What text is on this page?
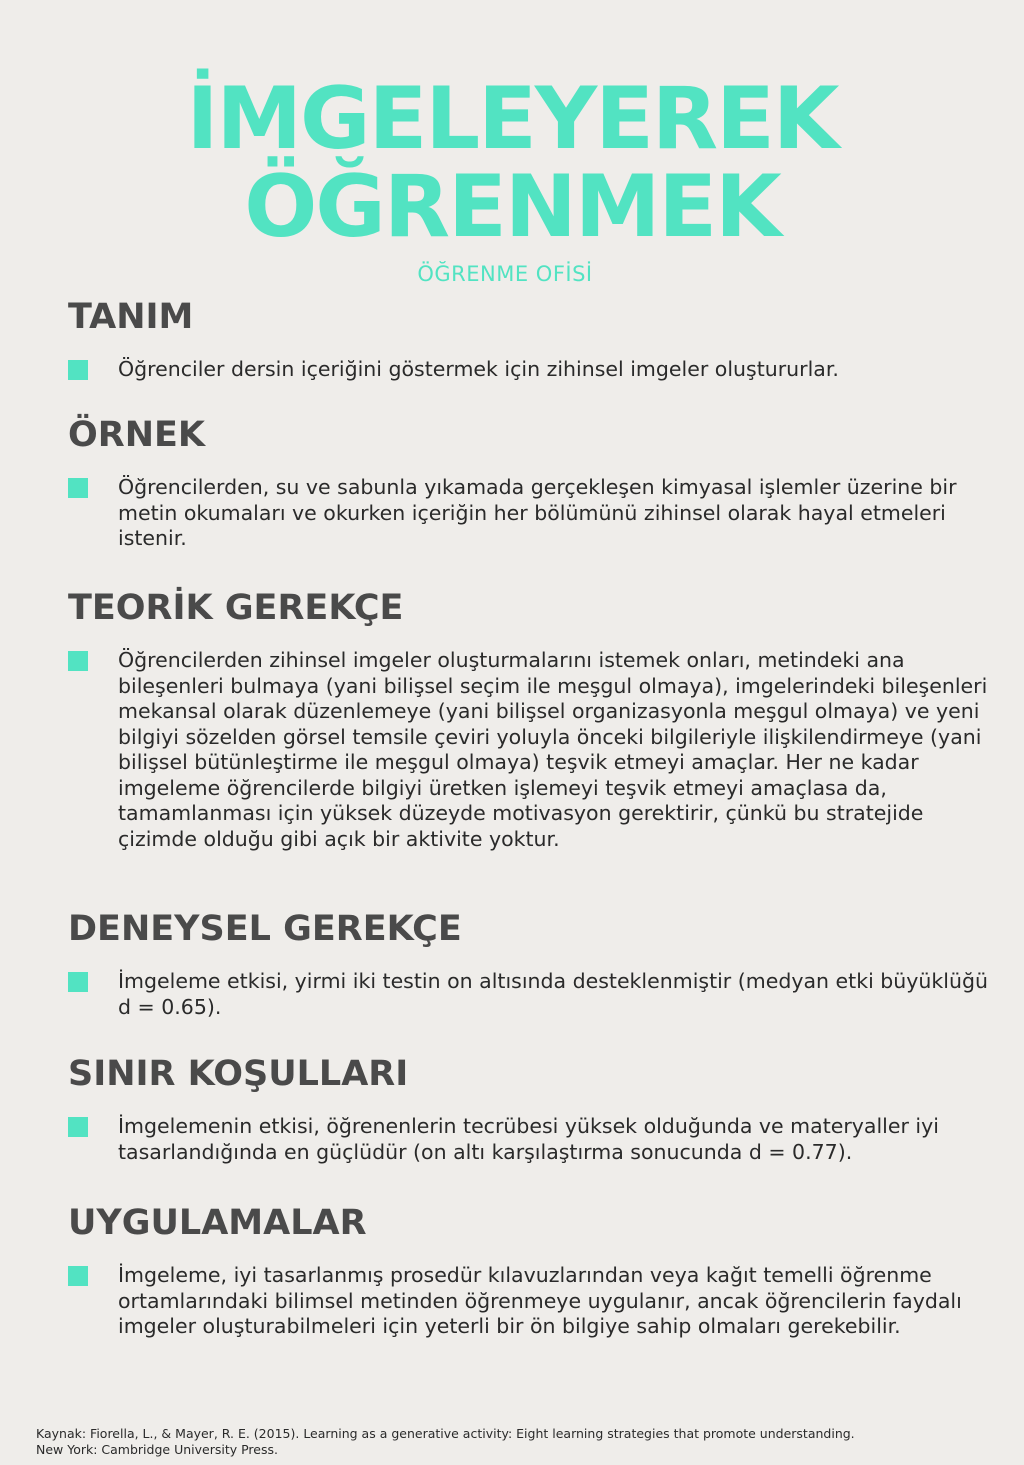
İMGELEYEREK
ÖĞRENMEK
ÖĞRENME OFİSİ
TANIM

Öğrenciler dersin içeriğini göstermek için zihinsel imgeler oluştururlar.

ÖRNEK

Öğrencilerden, su ve sabunla yıkamada gerçekleşen kimyasal işlemler üzerine bir metin okumaları ve okurken içeriğin her bölümünü zihinsel olarak hayal etmeleri istenir.

TEORİK GEREKÇE

Öğrencilerden zihinsel imgeler oluşturmalarını istemek onları, metindeki ana bileşenleri bulmaya (yani bilişsel seçim ile meşgul olmaya), imgelerindeki bileşenleri mekansal olarak düzenlemeye (yani bilişsel organizasyonla meşgul olmaya) ve yeni bilgiyi sözelden görsel temsile çeviri yoluyla önceki bilgileriyle ilişkilendirmeye (yani bilişsel bütünleştirme ile meşgul olmaya) teşvik etmeyi amaçlar. Her ne kadar imgeleme öğrencilerde bilgiyi üretken işlemeyi teşvik etmeyi amaçlasa da, tamamlanması için yüksek düzeyde motivasyon gerektirir, çünkü bu stratejide çizimde olduğu gibi açık bir aktivite yoktur.

DENEYSEL GEREKÇE

İmgeleme etkisi, yirmi iki testin on altısında desteklenmiştir (medyan etki büyüklüğü d = 0.65).

SINIR KOŞULLARI

İmgelemenin etkisi, öğrenenlerin tecrübesi yüksek olduğunda ve materyaller iyi tasarlandığında en güçlüdür (on altı karşılaştırma sonucunda d = 0.77).

UYGULAMALAR

İmgeleme, iyi tasarlanmış prosedür kılavuzlarından veya kağıt temelli öğrenme ortamlarındaki bilimsel metinden öğrenmeye uygulanır, ancak öğrencilerin faydalı imgeler oluşturabilmeleri için yeterli bir ön bilgiye sahip olmaları gerekebilir.

Kaynak: Fiorella, L., & Mayer, R. E. (2015). Learning as a generative activity: Eight learning strategies that promote understanding.

New York: Cambridge University Press.
